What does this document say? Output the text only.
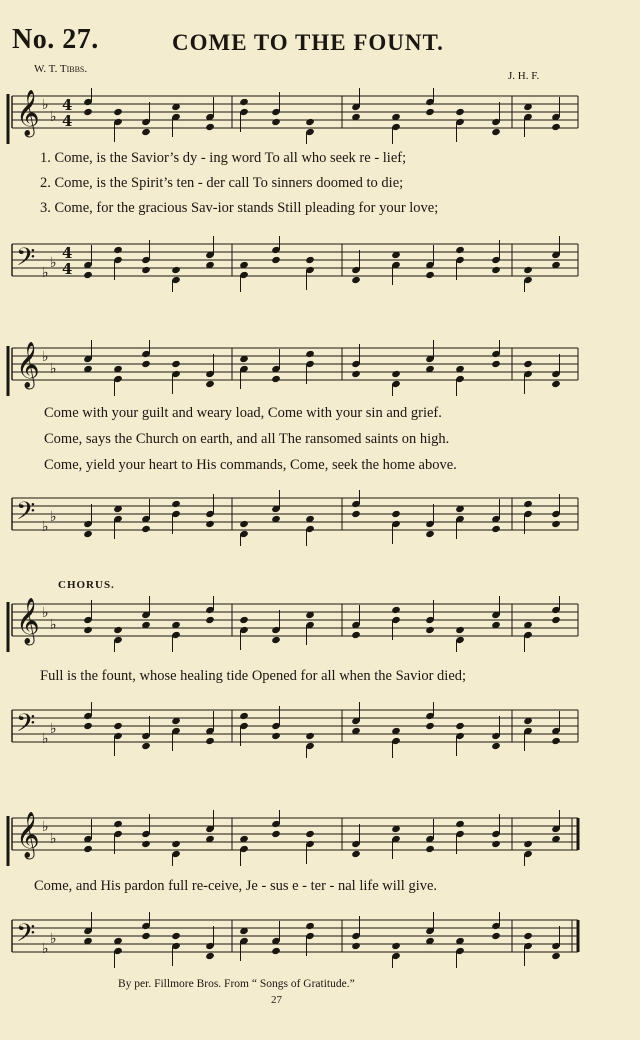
No. 27.	COME TO THE FOUNT.
W. T. Tibbs.
J. H. F.
𝄞 ♭
♭
4
4
1. Come, is the Savior’s dy - ing word To all who seek re - lief;
2. Come, is the Spirit’s ten - der call To sinners doomed to die;
3. Come, for the gracious Sav-ior stands Still pleading for your love;
𝄢 ♭
♭
4
4
𝄞 ♭
♭
Come with your guilt and weary load, Come with your sin and grief.
Come, says the Church on earth, and all The ransomed saints on high.
Come, yield your heart to His commands, Come, seek the home above.
𝄢 ♭
♭
CHORUS.
𝄞 ♭
♭
Full is the fount, whose healing tide Opened for all when the Savior died;
𝄢 ♭
♭
𝄞 ♭
♭
Come, and His pardon full re-ceive, Je - sus e - ter - nal life will give.
𝄢 ♭
♭
By per. Fillmore Bros. From “ Songs of Gratitude.”
27
